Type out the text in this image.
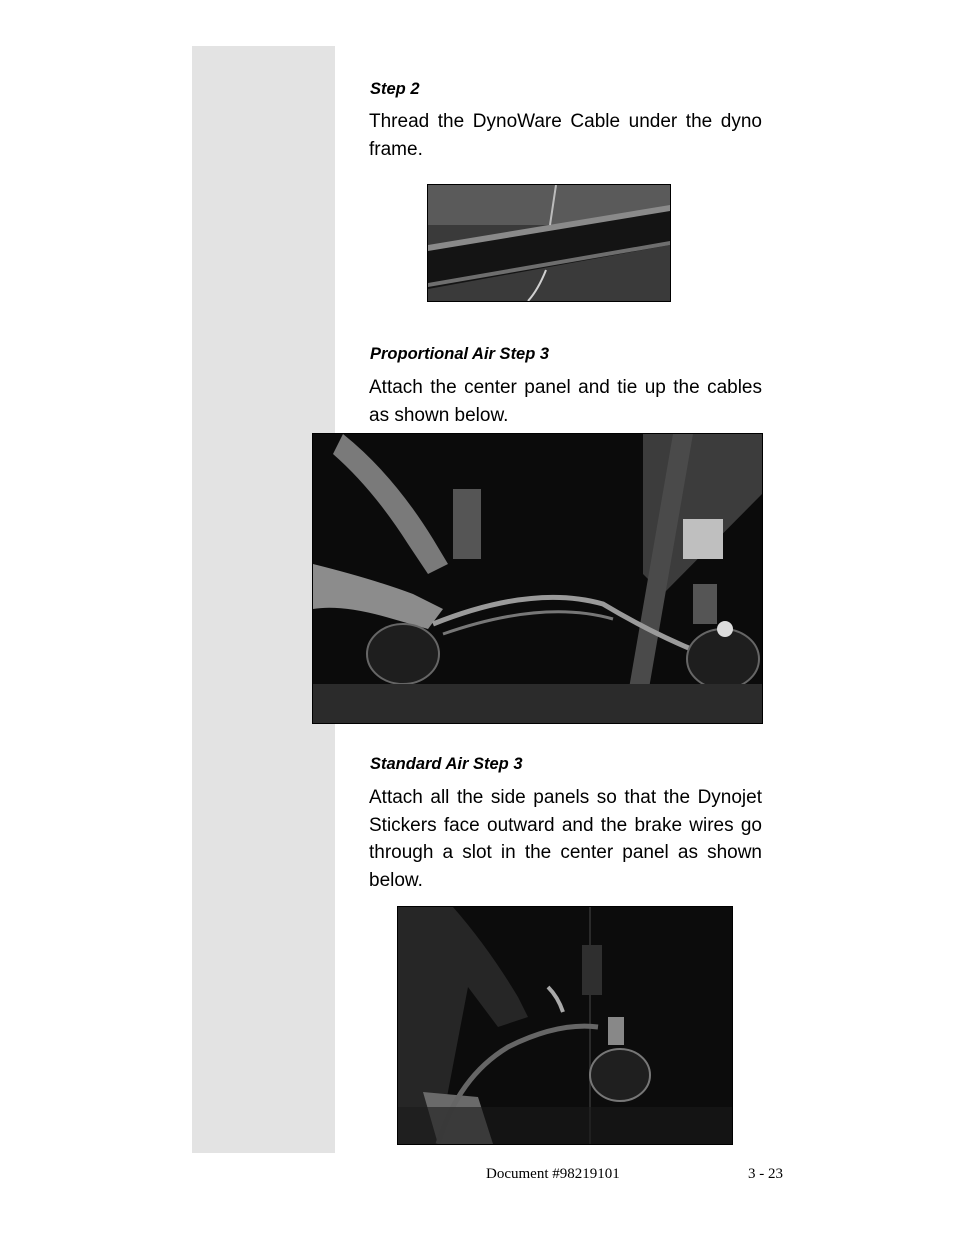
Step 2

Thread the DynoWare Cable under the dyno frame.

Proportional Air Step 3

Attach the center panel and tie up the cables as shown below.

Standard Air Step 3

Attach all the side panels so that the Dynojet Stickers face outward and the brake wires go through a slot in the center panel as shown below.

Document #98219101	3 - 23
